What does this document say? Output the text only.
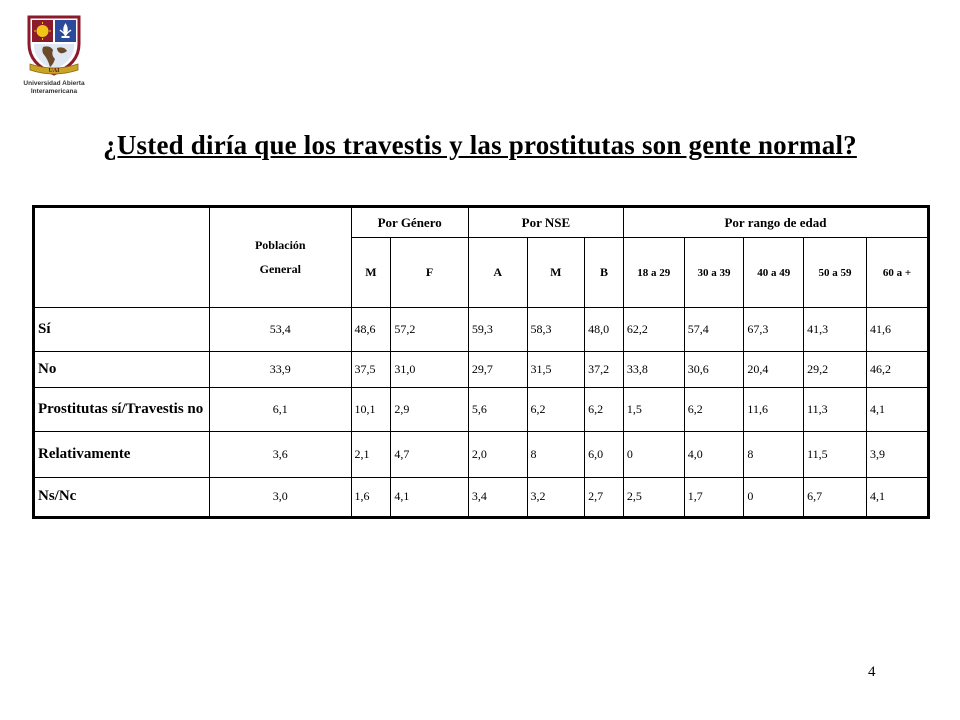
UAI
Universidad Abierta
Interamericana
¿Usted diría que los travestis y las prostitutas son gente normal?

	Población
General	Por Género		Por NSE			Por rango de edad				
		M	F	A	M	B	18 a 29	30 a 39	40 a 49	50 a 59	60 a +
Sí	53,4	48,6	57,2	59,3	58,3	48,0	62,2	57,4	67,3	41,3	41,6
No	33,9	37,5	31,0	29,7	31,5	37,2	33,8	30,6	20,4	29,2	46,2
Prostitutas sí/Travestis no	6,1	10,1	2,9	5,6	6,2	6,2	1,5	6,2	11,6	11,3	4,1
Relativamente	3,6	2,1	4,7	2,0	8	6,0	0	4,0	8	11,5	3,9
Ns/Nc	3,0	1,6	4,1	3,4	3,2	2,7	2,5	1,7	0	6,7	4,1
4
